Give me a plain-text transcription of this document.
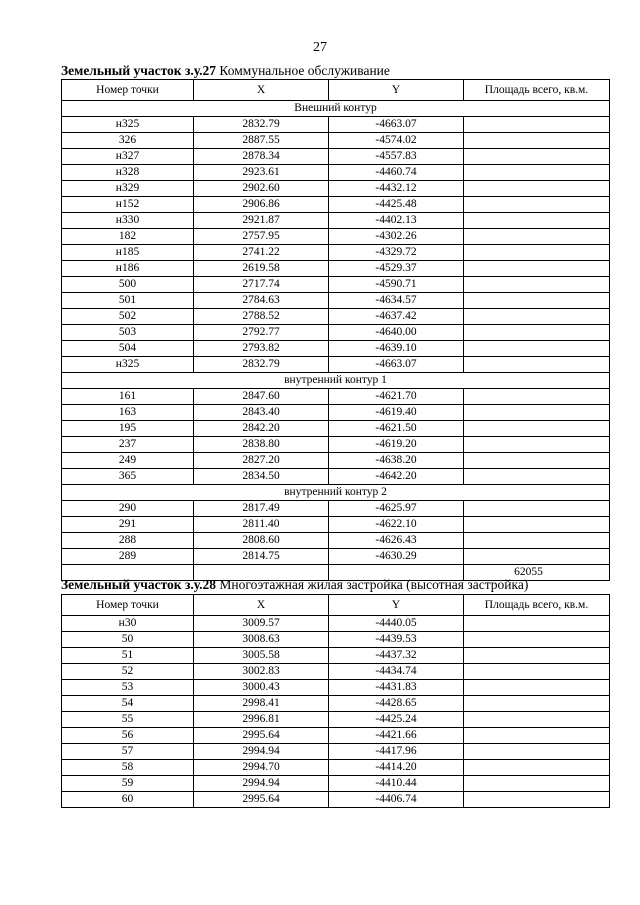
27
Земельный участок з.у.27 Коммунальное обслуживание
Номер точки	X	Y	Площадь всего, кв.м.
Внешний контур			
н325	2832.79	-4663.07	
326	2887.55	-4574.02	
н327	2878.34	-4557.83	
н328	2923.61	-4460.74	
н329	2902.60	-4432.12	
н152	2906.86	-4425.48	
н330	2921.87	-4402.13	
182	2757.95	-4302.26	
н185	2741.22	-4329.72	
н186	2619.58	-4529.37	
500	2717.74	-4590.71	
501	2784.63	-4634.57	
502	2788.52	-4637.42	
503	2792.77	-4640.00	
504	2793.82	-4639.10	
н325	2832.79	-4663.07	
внутренний контур 1			
161	2847.60	-4621.70	
163	2843.40	-4619.40	
195	2842.20	-4621.50	
237	2838.80	-4619.20	
249	2827.20	-4638.20	
365	2834.50	-4642.20	
внутренний контур 2			
290	2817.49	-4625.97	
291	2811.40	-4622.10	
288	2808.60	-4626.43	
289	2814.75	-4630.29	
			62055
Земельный участок з.у.28 Многоэтажная жилая застройка (высотная застройка)
Номер точки	X	Y	Площадь всего, кв.м.
н30	3009.57	-4440.05	
50	3008.63	-4439.53	
51	3005.58	-4437.32	
52	3002.83	-4434.74	
53	3000.43	-4431.83	
54	2998.41	-4428.65	
55	2996.81	-4425.24	
56	2995.64	-4421.66	
57	2994.94	-4417.96	
58	2994.70	-4414.20	
59	2994.94	-4410.44	
60	2995.64	-4406.74	
